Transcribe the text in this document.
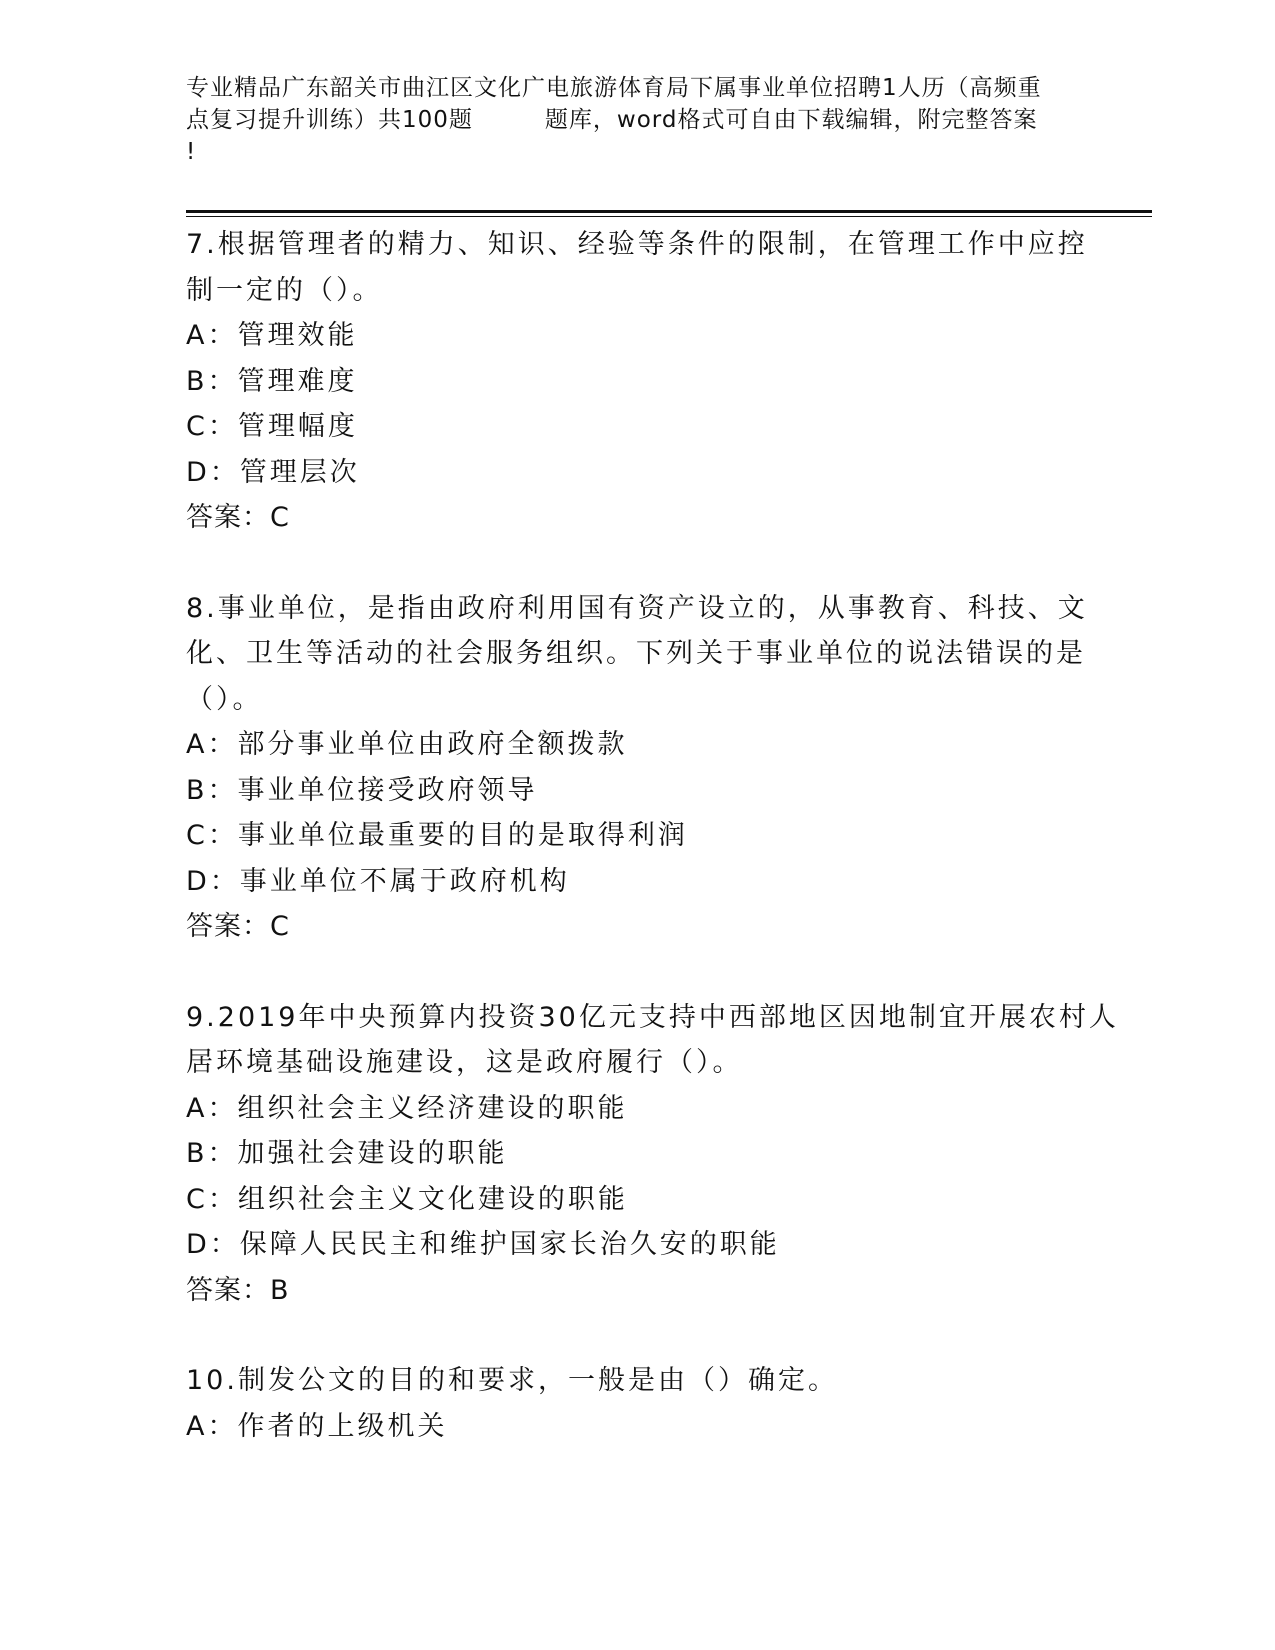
专业精品广东韶关市曲江区文化广电旅游体育局下属事业单位招聘1人历（高频重
点复习提升训练）共100题	题库，word格式可自由下载编辑，附完整答案
!
7.根据管理者的精力、知识、经验等条件的限制，在管理工作中应控
制一定的（）。
A：管理效能
B：管理难度
C：管理幅度
D：管理层次
答案：C
8.事业单位，是指由政府利用国有资产设立的，从事教育、科技、文
化、卫生等活动的社会服务组织。下列关于事业单位的说法错误的是
（）。
A：部分事业单位由政府全额拨款
B：事业单位接受政府领导
C：事业单位最重要的目的是取得利润
D：事业单位不属于政府机构
答案：C
9.2019年中央预算内投资30亿元支持中西部地区因地制宜开展农村人
居环境基础设施建设，这是政府履行（）。
A：组织社会主义经济建设的职能
B：加强社会建设的职能
C：组织社会主义文化建设的职能
D：保障人民民主和维护国家长治久安的职能
答案：B
10.制发公文的目的和要求，一般是由（）确定。
A：作者的上级机关
